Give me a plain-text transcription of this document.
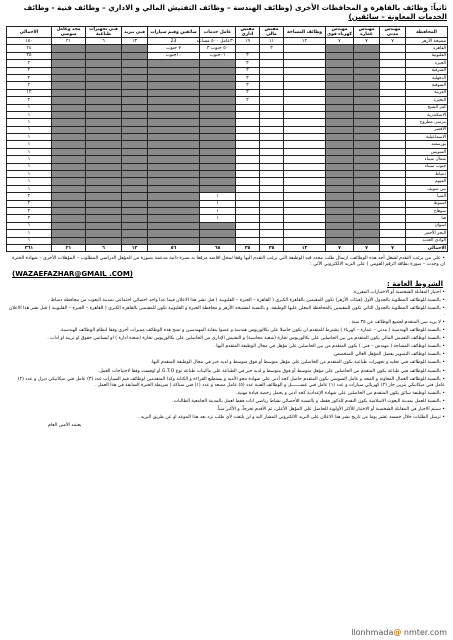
ثانياً: وظائف بالقاهرة و المحافظات الأخرى (وظائف الهندسة – وظائف التفتيش المالي و الاداري – وظائف فنية - وظائف
الخدمات المعاونة – سائقين)
المحافظة	مهندس مدني	مهندس عمارة	مهندس كهرباء قوى	وظائف المساحة	مفتش مالي	مفتش اداري	عامل خدمات	سائقين وقيم سيارات	فني تبريد	فني تجهيزات طباعية	مجد وعامل سوشي	الاجمالي
مشيخة الأزهر	٧	٧	٧	١٢	١١	١٩	٣٠عامل ٥٠٠ مساعد	23	١٣	٦	٢١	١٥٠
القاهرة					٣		٥٠ جنوب ٣	٧ جنوب				٢٤
القليوبية						٣	٠١جنوب	١٠جنوب				٢٥
الجيزة						٣						٢
الشرقية						٣						٢
الدقهلية						٣						٢
المنوفية						٣						٢
الغربية						٣						١٢
البحيرة						٣						٢
كفر الشيخ												١
الاسكندرية												١
مرسى مطروح												١
الاقصر												١
الاسماعيلية												١
بورسعيد												١
السويس												١
شمال سيناء												١
جنوب سيناء												١
دمياط												١
الفيوم												١
بني سويف												١
المنيا							١					٢
اسيوط							١					٢
سوهاج							١					٢
قنا							١					٢
اسوان												١
البحر الأحمر												١
الوادي الجديد												١
الاجمالي	٧	٧	٧	١٢	٣٥	٣٥	٦٥	٥٦	١٣	٦	٢١	٣٦١
• على من يرغب التقدم لشغل أحد هذه الوظائف، ارسال طلب محدد فيه الوظيفة التي يرغب التقدم اليها وفقا لمحل اقامته مرفقا به سيرة ذاتية مدعمة بصورة من المؤهل الدراسي المطلوب – المؤهلات الأخرى – شهادة الخبرة ان وجدت – صورة بطاقة الرقم القومي ) على البريد الالكتروني الآتي :
(WAZAEFAZHAR@GMAIL .COM)
الشروط العامة :
• اجتياز المقابلة الشخصية أو الاختبارات المقررة.

• بالنسبة للوظائف المطلوبة بالجدول الأول (هيئات الأزهر) تكون للمقيمين بالقاهرة الكبرى ( القاهرة – الجيزة – القليوبية ) قبل نشر هذا الاعلان فيما عدا واحد اخصائي اجتماعي بمدينة البعوث من محافظة دمياط .

• بالنسبة للوظائف المطلوبة بالجدول الثاني تكون للمقيمين بالمحافظة المعلن عليها الوظيفة، و بالنسبة لمشيخة الأزهر و محافظة الجيزة و القليوبية تكون للمقيمين بالقاهرة الكبرى ( القاهرة – الجيزة – القليوبية ) قبل نشر هذا الاعلان .

• لا يزيد سن المتقدم لجميع الوظائف عن ٣٥ سنة .

• بالنسبة للوظائف الهندسية ( مدني – عمارة – كهرباء ) يشترط للمتقدم ان يكون حاصلا على بكالوريوس هندسة و عضوا بنقابة المهندسين و تمنح هذه الوظائف مميزات أخرى وفقا لنظام الوظائف الهندسية.

• بالنسبة لوظائف التفتيش المالي يكون المتقدم من بين الحاصلين على بكالوريوس تجارة (شعبة محاسبة) و التفتيش الإداري من الحاصلين على بكالوريوس تجارة (شعبة ادارة ) او ليسانس حقوق او تربية او اداب .

• بالنسبة لوظائف المساحة ( مهندس – فنى ) يكون المتقدم من بين الحاصلين على مؤهل في مجال الوظيفة المتقدم اليها .

• بالنسبة لوظائف التصوير يفضل المؤهل العالي المتخصص.

• بالنسبة للوظائف فني تجليد و تجهيزات طباعية يكون المتقدم من الحاصلين على مؤهل متوسط أو فوق متوسط و لديه خبر في مجال الوظيفة المتقدم اليها.

• بالنسبة للوظائف فني طباعة يكون المتقدم من الحاصلين على مؤهل متوسط أو فوق متوسط و لديه خبر في الطباعة على ماكينات طباعة نوع G.T.O أو اوفست وفقا لاحتياجات العمل.

• بالنسبة للوظائف العمال المعاونة و المجد و عامل السوشي يكون المتقدم حاصل كحد أدنى على شهادة محو الأمية و يستطيع القراءة و الكتابة وكذا المتقدمين لوظائف قيم السيارات عدد (٣) عامل فني ميكانيكي ديزل و عدد (٢) عامل فني ميكانيكي بنزين جاز (٢) كهربائي سيارات و عدد (١) عامل فني غســــــيل و الوظائف الفنية عدد (٥) عامل مصعد و عدد (١) فني سباكة ( شريطة الخبرة السابقة في هذا العمل .

• بالنسبة لوظيفة سائق يكون المتقدم من الحاصلين على شهادة الإعدادية كحد أدنى و يحمل رخصة قيادة مهنية.

• بالنسبة للعمل بمدينة البعوث الاسلامية يكون التقدم للذكور فقط، و بالنسبة للأخصائي نشاط رياضي انات فقط لعمل بالمدينة الجامعية الطالبات.

• سيتم الاخيار في المقابلة الشخصية أو الاختبار للأكثر الأولوية للحاصل على المؤهل الأعلى، ثم الأقدم تخرجاً، و الأكبر سناً.

• ترسل الطلبات خلال خمسة عشر يوما من تاريخ نشر هذا الاعلان على البريد الالكتروني المشار اليه و لن يلتفت لأي طلب ترد بعد هذا الموعد او عن طريق البريد .

يعتمد الأمين العام
llonhmada@ nmter.com
